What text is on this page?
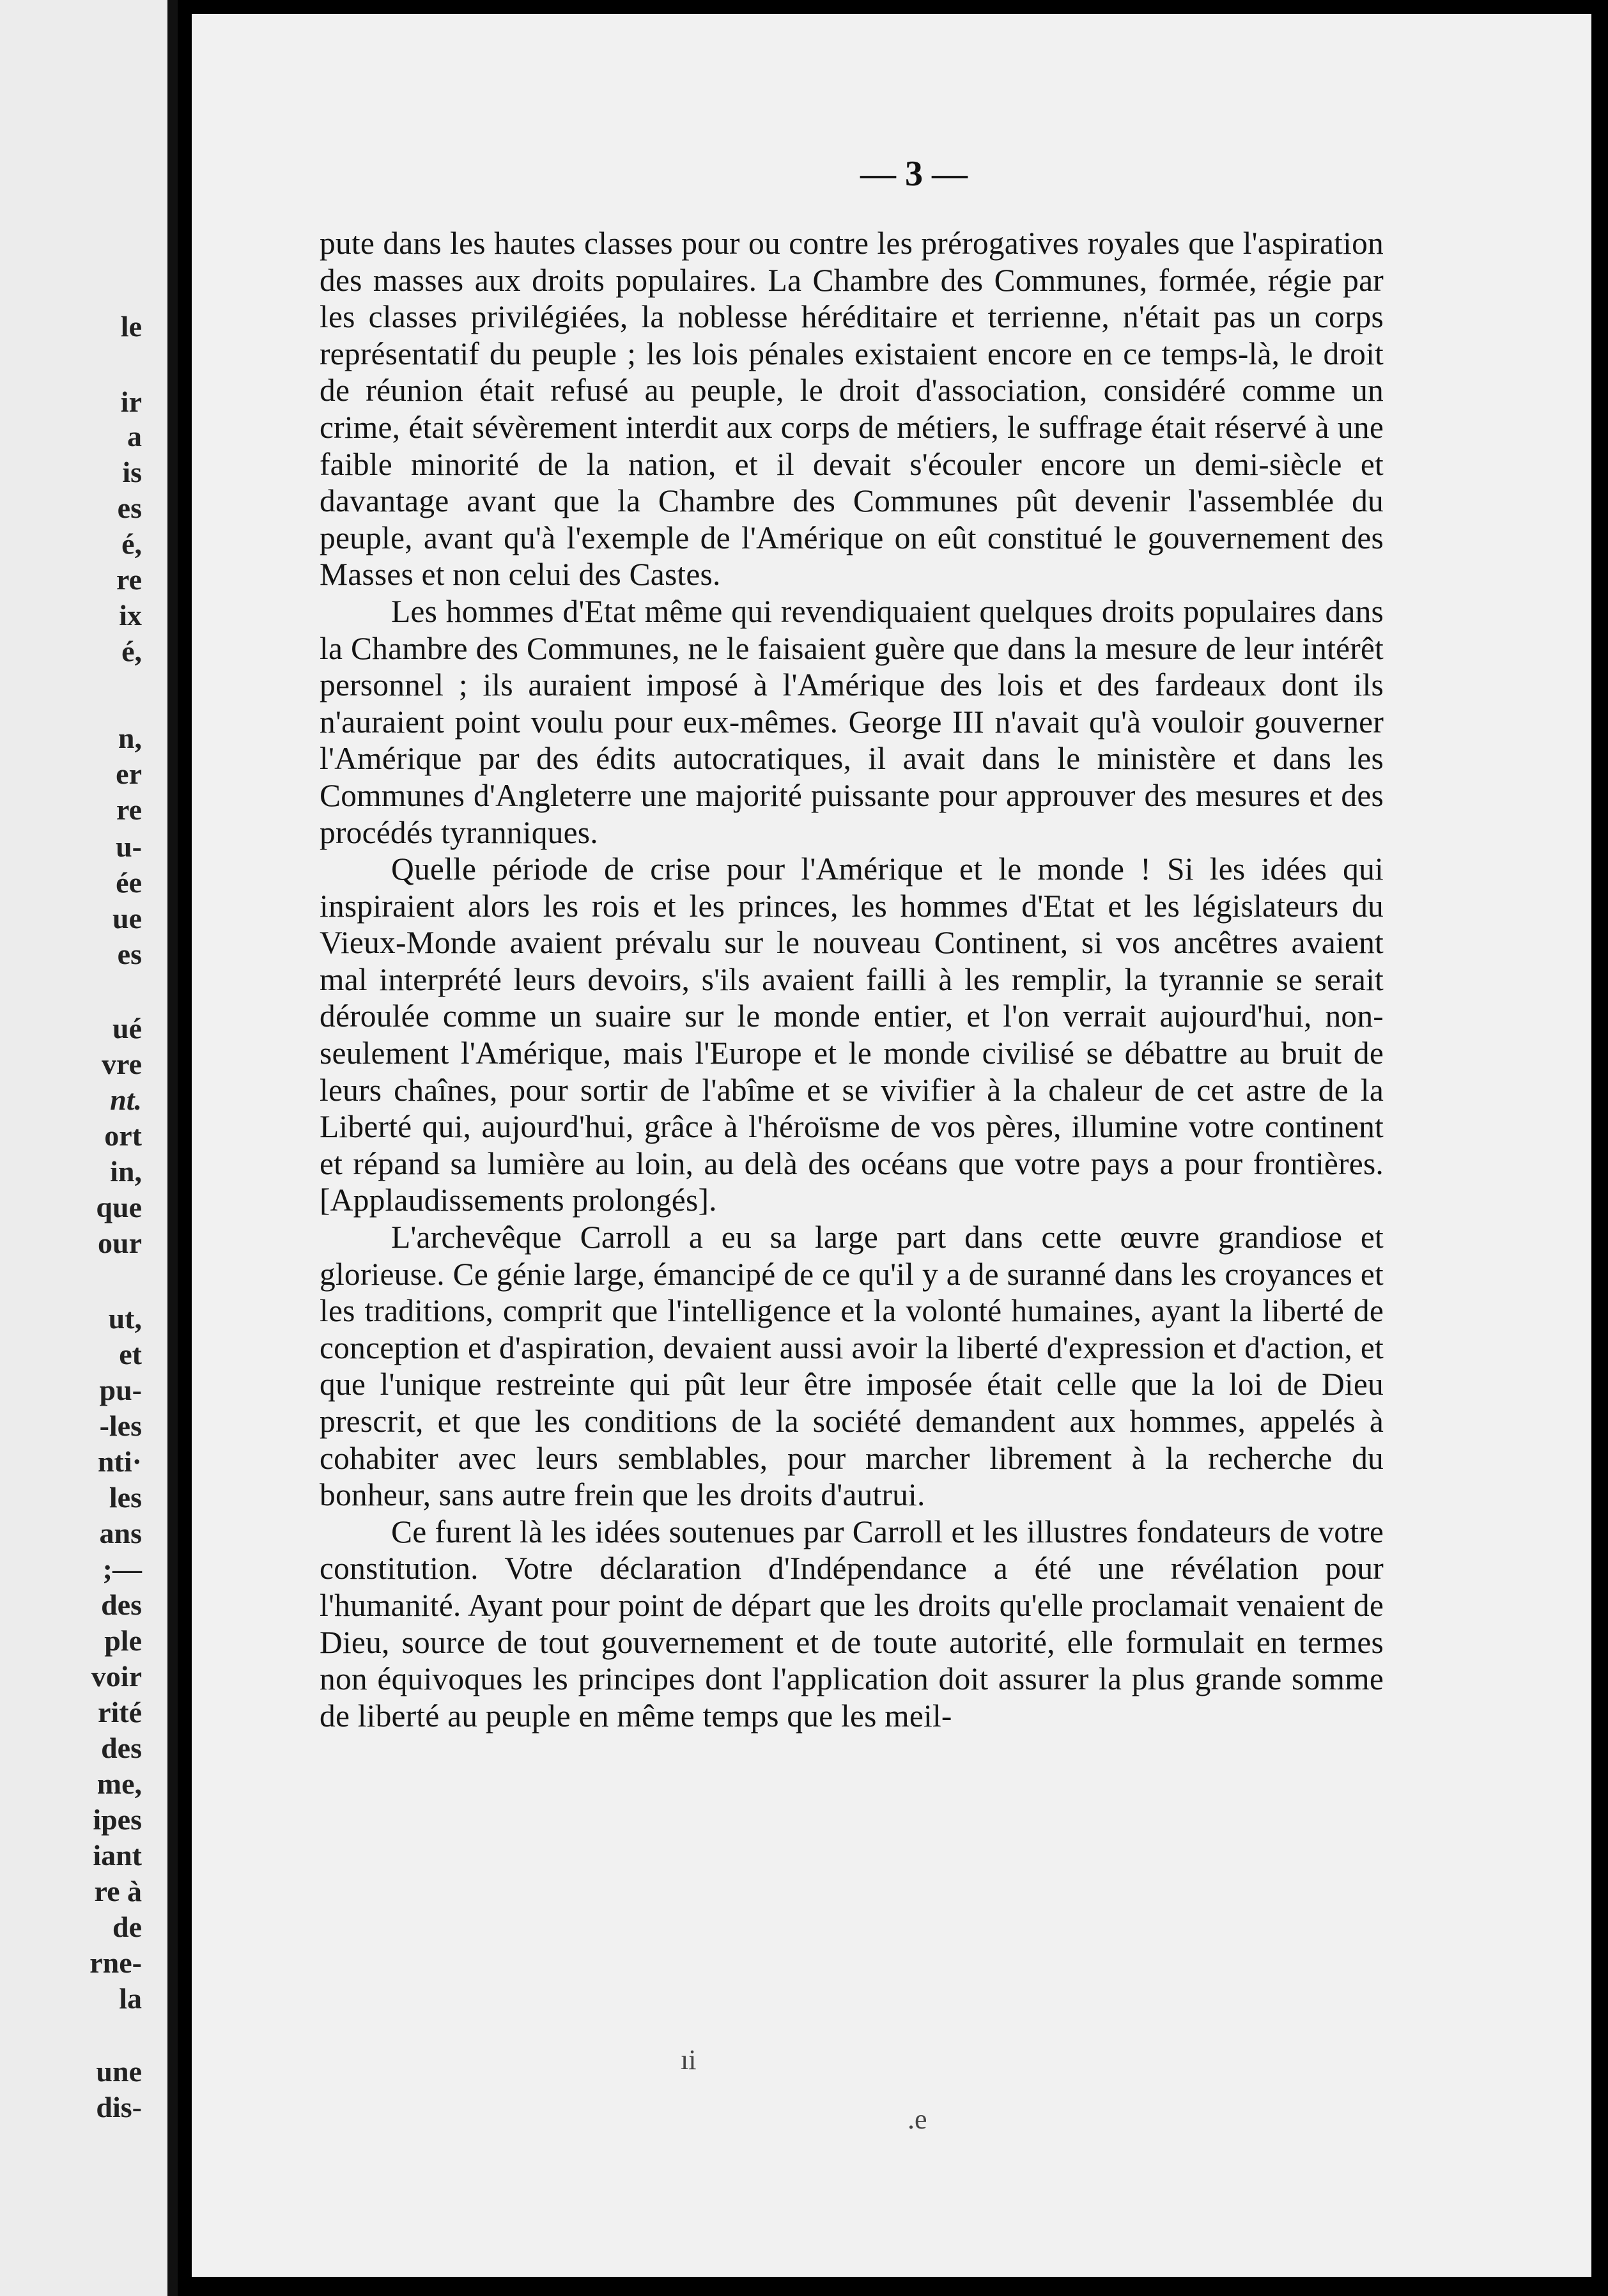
le
ir
a
is
es
é,
re
ix
é,
n,
er
re
u-
ée
ue
es
ué
vre
nt.
ort
in,
que
our
ut,
et
pu-
-les
nti·
les
ans
;—
des
ple
voir
rité
des
me,
ipes
iant
re à
de
rne-
la
une
dis-
— 3 —

pute dans les hautes classes pour ou contre les prérogatives royales que l'aspiration des masses aux droits populaires. La Chambre des Communes, formée, régie par les classes privilégiées, la noblesse héréditaire et terrienne, n'était pas un corps représentatif du peuple ; les lois pénales existaient encore en ce temps-là, le droit de réunion était refusé au peuple, le droit d'association, considéré comme un crime, était sévèrement interdit aux corps de métiers, le suffrage était réservé à une faible minorité de la nation, et il devait s'écouler encore un demi-siècle et davantage avant que la Chambre des Communes pût devenir l'assemblée du peuple, avant qu'à l'exemple de l'Amérique on eût constitué le gouvernement des Masses et non celui des Castes.

Les hommes d'Etat même qui revendiquaient quelques droits populaires dans la Chambre des Communes, ne le faisaient guère que dans la mesure de leur intérêt personnel ; ils auraient imposé à l'Amérique des lois et des fardeaux dont ils n'auraient point voulu pour eux-mêmes. George III n'avait qu'à vouloir gouverner l'Amérique par des édits autocratiques, il avait dans le ministère et dans les Communes d'Angleterre une majorité puissante pour approuver des mesures et des procédés tyranniques.

Quelle période de crise pour l'Amérique et le monde ! Si les idées qui inspiraient alors les rois et les princes, les hommes d'Etat et les législateurs du Vieux-Monde avaient prévalu sur le nouveau Continent, si vos ancêtres avaient mal interprété leurs devoirs, s'ils avaient failli à les remplir, la tyrannie se serait déroulée comme un suaire sur le monde entier, et l'on verrait aujourd'hui, non-seulement l'Amérique, mais l'Europe et le monde civilisé se débattre au bruit de leurs chaînes, pour sortir de l'abîme et se vivifier à la chaleur de cet astre de la Liberté qui, aujourd'hui, grâce à l'héroïsme de vos pères, illumine votre continent et répand sa lumière au loin, au delà des océans que votre pays a pour frontières. [Applaudissements prolongés].

L'archevêque Carroll a eu sa large part dans cette œuvre grandiose et glorieuse. Ce génie large, émancipé de ce qu'il y a de suranné dans les croyances et les traditions, comprit que l'intelligence et la volonté humaines, ayant la liberté de conception et d'aspiration, devaient aussi avoir la liberté d'expression et d'action, et que l'unique restreinte qui pût leur être imposée était celle que la loi de Dieu prescrit, et que les conditions de la société demandent aux hommes, appelés à cohabiter avec leurs semblables, pour marcher librement à la recherche du bonheur, sans autre frein que les droits d'autrui.

Ce furent là les idées soutenues par Carroll et les illustres fondateurs de votre constitution. Votre déclaration d'Indépendance a été une révélation pour l'humanité. Ayant pour point de départ que les droits qu'elle proclamait venaient de Dieu, source de tout gouvernement et de toute autorité, elle formulait en termes non équivoques les principes dont l'application doit assurer la plus grande somme de liberté au peuple en même temps que les meil-

ıi
.e
